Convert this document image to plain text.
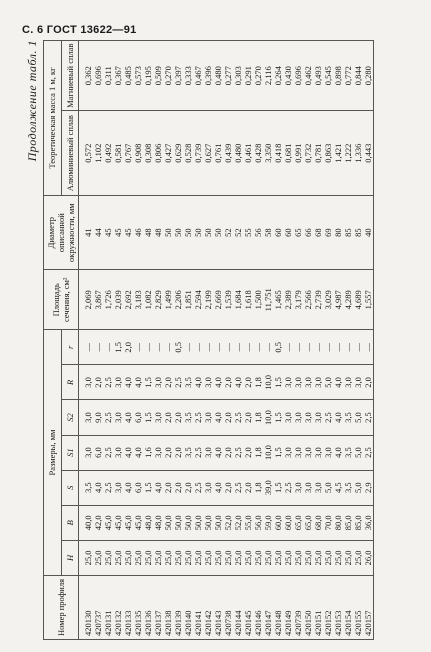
С. 6 ГОСТ 13622—91
Продолжение табл. 1
Номер профиля	Размеры, мм							Площадь сечения, см²	Диаметр описанной окружности, мм	Теоретическая масса 1 м, кг	
	H	B	S	S1	S2	R	r			Алюминиевый сплав	Магниевый сплав
420130	25,0	40,0	3,5	3,0	3,0	3,0	—	2,069	41	0,572	0,362
420737	25,0	42,0	4,0	6,0	9,0	2,0	—	3,867	44	1,102	0,696
420131	25,0	45,0	2,5	2,5	2,5	2,5	—	1,726	45	0,492	0,311
420132	25,0	45,0	3,0	3,0	3,0	3,0	1,5	2,039	45	0,581	0,367
420133	25,0	45,0	4,0	4,0	4,0	4,0	2,0	2,692	45	0,767	0,485
420135	25,0	45,0	6,0	4,0	6,0	4,0	—	3,183	46	0,908	0,573
420136	25,0	48,0	1,5	1,6	1,5	1,5	—	1,082	48	0,308	0,195
420137	25,0	48,0	4,0	3,0	3,0	3,0	—	2,829	48	0,806	0,509
420138	25,0	50,0	2,0	2,0	2,0	2,0	—	1,499	50	0,427	0,270
420139	25,0	50,0	2,0	2,0	2,0	2,5	0,5	2,206	50	0,629	0,397
420140	25,0	50,0	2,0	3,5	3,5	3,5	—	1,851	50	0,528	0,333
420141	25,0	50,0	2,5	2,5	2,5	4,0	—	2,594	50	0,739	0,467
420142	25,0	50,0	3,0	3,0	3,0	3,0	—	2,199	50	0,627	0,396
420143	25,0	50,0	4,0	4,0	4,0	4,0	—	2,669	50	0,761	0,480
420738	25,0	52,0	2,0	2,0	2,0	2,0	—	1,539	52	0,439	0,277
420144	25,0	52,0	2,5	2,5	2,5	4,0	—	1,684	52	0,480	0,303
420145	25,0	55,0	2,0	2,0	2,0	2,0	—	1,618	55	0,461	0,291
420146	25,0	56,0	1,8	1,8	1,8	1,8	—	1,500	56	0,428	0,270
420147	25,0	59,0	39,0	10,0	10,0	10,0	—	11,751	58	3,350	2,116
420148	25,0	60,0	1,5	1,5	1,5	1,5	0,5	1,465	60	0,418	0,264
420149	25,0	60,0	2,5	3,0	3,0	3,0	—	2,389	60	0,681	0,430
420739	25,0	65,0	3,0	3,0	3,0	3,0	—	3,179	65	0,991	0,696
420150	25,0	65,0	3,0	3,0	3,0	3,0	—	2,566	66	0,732	0,462
420151	25,0	68,0	3,0	3,0	3,0	3,0	—	2,739	68	0,781	0,493
420152	25,0	70,0	5,0	3,0	2,5	5,0	—	3,029	69	0,863	0,545
420153	25,0	80,0	4,5	4,0	4,0	4,0	—	4,987	80	1,421	0,898
420154	25,0	85,0	3,5	3,5	3,5	3,0	—	4,289	85	1,222	0,772
420155	25,0	85,0	5,0	5,0	5,0	3,0	—	4,689	85	1,336	0,844
420157	26,0	36,0	2,9	2,5	2,5	2,0	—	1,557	40	0,443	0,280
